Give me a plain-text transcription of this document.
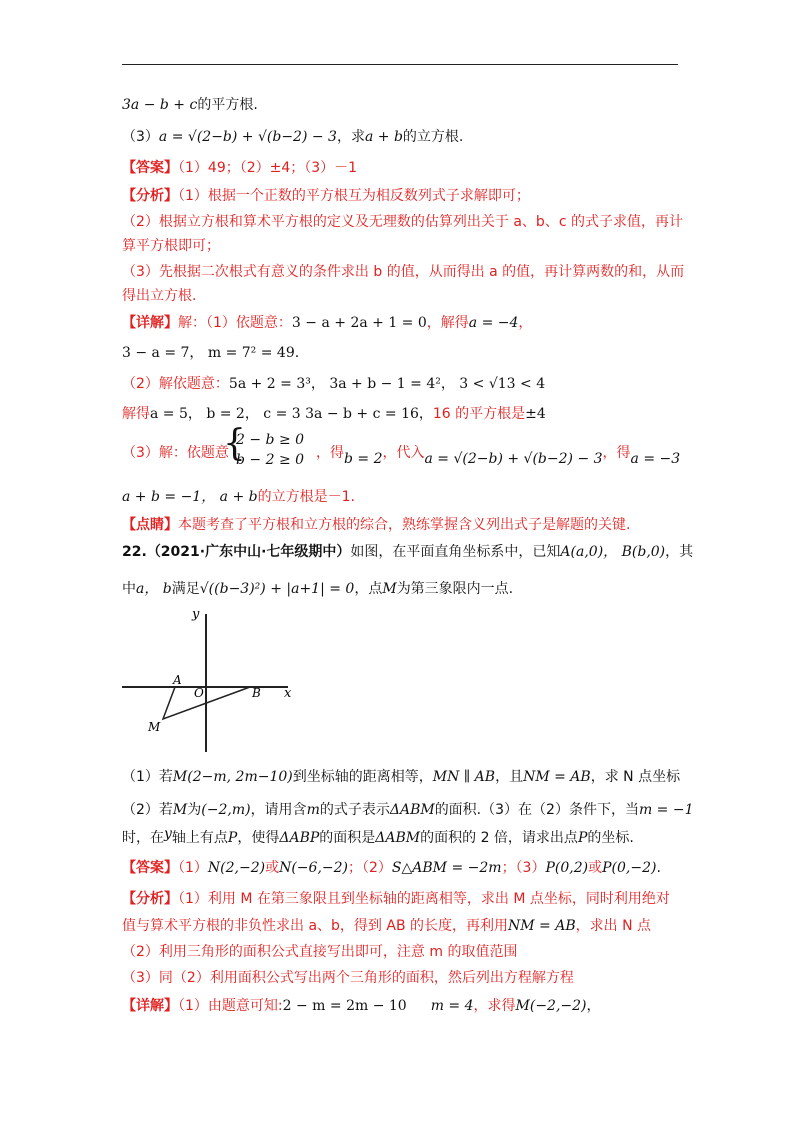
3a − b + c的平方根.
（3）a = √(2−b) + √(b−2) − 3，求a + b的立方根.
【答案】（1）49；（2）±4；（3）－1
【分析】（1）根据一个正数的平方根互为相反数列式子求解即可；
（2）根据立方根和算术平方根的定义及无理数的估算列出关于 a、b、c 的式子求值，再计
算平方根即可；
（3）先根据二次根式有意义的条件求出 b 的值，从而得出 a 的值，再计算两数的和，从而
得出立方根.
【详解】解：（1）依题意：3 − a + 2a + 1 = 0，解得a = −4，
3 − a = 7， m = 7² = 49.
（2）解依题意：5a + 2 = 3³， 3a + b − 1 = 4²， 3 < √13 < 4
解得a = 5， b = 2， c = 3 3a − b + c = 16，16 的平方根是±4
（3）解：依题意
{
2 − b ≥ 0
b − 2 ≥ 0 ，得b = 2，代入a = √(2−b) + √(b−2) − 3，得a = −3
a + b = −1， a + b的立方根是－1.
【点睛】本题考查了平方根和立方根的综合，熟练掌握含义列出式子是解题的关键.
22.（2021·广东中山·七年级期中）如图，在平面直角坐标系中，已知A(a,0)， B(b,0)，其
中a， b满足√((b−3)²) + |a+1| = 0，点M为第三象限内一点.
y
x
A
O	B
M
（1）若M(2−m, 2m−10)到坐标轴的距离相等，MN ∥ AB，且NM = AB，求 N 点坐标
（2）若M为(−2,m)，请用含m的式子表示ΔABM的面积.（3）在（2）条件下，当m = −1
时，在y轴上有点P，使得ΔABP的面积是ΔABM的面积的 2 倍，请求出点P的坐标.
【答案】（1）N(2,−2)或N(−6,−2)；（2）S△ABM = −2m；（3）P(0,2)或P(0,−2).
【分析】（1）利用 M 在第三象限且到坐标轴的距离相等，求出 M 点坐标，同时利用绝对
值与算术平方根的非负性求出 a、b，得到 AB 的长度，再利用NM = AB，求出 N 点
（2）利用三角形的面积公式直接写出即可，注意 m 的取值范围
（3）同（2）利用面积公式写出两个三角形的面积，然后列出方程解方程
【详解】（1）由题意可知:2 − m = 2m − 10 m = 4，求得M(−2,−2)，
